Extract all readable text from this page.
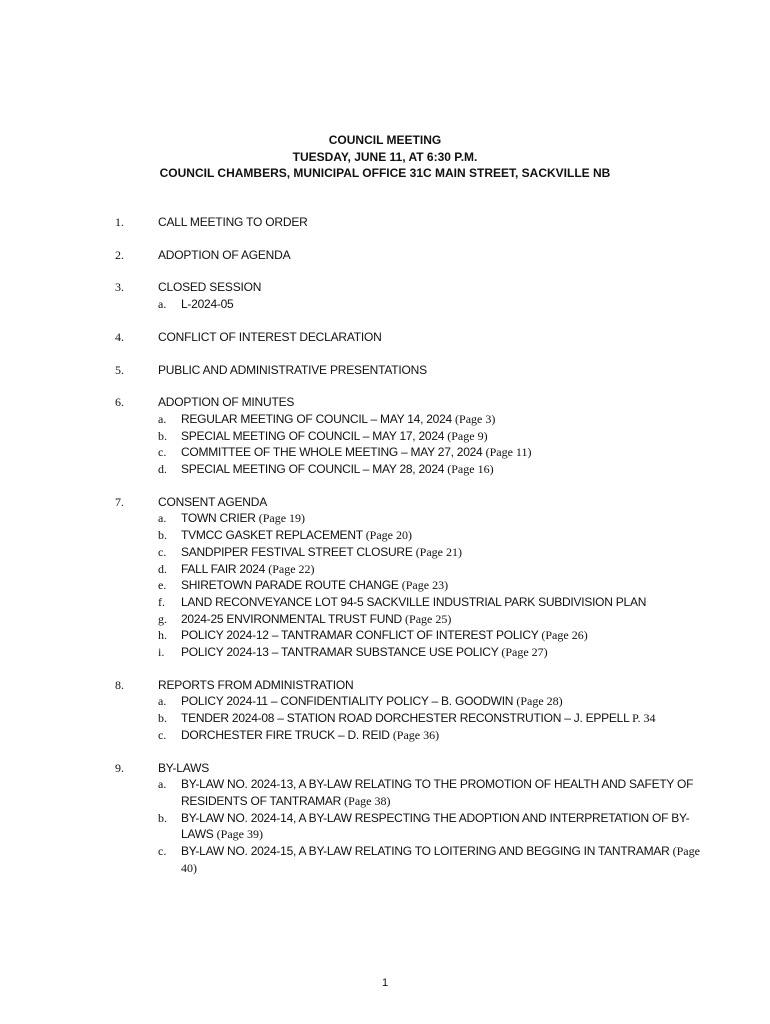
COUNCIL MEETING
TUESDAY, JUNE 11, AT 6:30 P.M.
COUNCIL CHAMBERS, MUNICIPAL OFFICE 31C MAIN STREET, SACKVILLE NB
1.	CALL MEETING TO ORDER
2.	ADOPTION OF AGENDA
3.	CLOSED SESSION
a.	L-2024-05
4.	CONFLICT OF INTEREST DECLARATION
5.	PUBLIC AND ADMINISTRATIVE PRESENTATIONS
6.	ADOPTION OF MINUTES
a.	REGULAR MEETING OF COUNCIL – MAY 14, 2024 (Page 3)
b.	SPECIAL MEETING OF COUNCIL – MAY 17, 2024 (Page 9)
c.	COMMITTEE OF THE WHOLE MEETING – MAY 27, 2024 (Page 11)
d.	SPECIAL MEETING OF COUNCIL – MAY 28, 2024 (Page 16)
7.	CONSENT AGENDA
a.	TOWN CRIER (Page 19)
b.	TVMCC GASKET REPLACEMENT (Page 20)
c.	SANDPIPER FESTIVAL STREET CLOSURE (Page 21)
d.	FALL FAIR 2024 (Page 22)
e.	SHIRETOWN PARADE ROUTE CHANGE (Page 23)
f.	LAND RECONVEYANCE LOT 94-5 SACKVILLE INDUSTRIAL PARK SUBDIVISION PLAN
g.	2024-25 ENVIRONMENTAL TRUST FUND (Page 25)
h.	POLICY 2024-12 – TANTRAMAR CONFLICT OF INTEREST POLICY (Page 26)
i.	POLICY 2024-13 – TANTRAMAR SUBSTANCE USE POLICY (Page 27)
8.	REPORTS FROM ADMINISTRATION
a.	POLICY 2024-11 – CONFIDENTIALITY POLICY – B. GOODWIN (Page 28)
b.	TENDER 2024-08 – STATION ROAD DORCHESTER RECONSTRUTION – J. EPPELL P. 34
c.	DORCHESTER FIRE TRUCK – D. REID (Page 36)
9.	BY-LAWS
a.	BY-LAW NO. 2024-13, A BY-LAW RELATING TO THE PROMOTION OF HEALTH AND SAFETY OF RESIDENTS OF TANTRAMAR (Page 38)
b.	BY-LAW NO. 2024-14, A BY-LAW RESPECTING THE ADOPTION AND INTERPRETATION OF BY-LAWS (Page 39)
c.	BY-LAW NO. 2024-15, A BY-LAW RELATING TO LOITERING AND BEGGING IN TANTRAMAR (Page 40)
1
